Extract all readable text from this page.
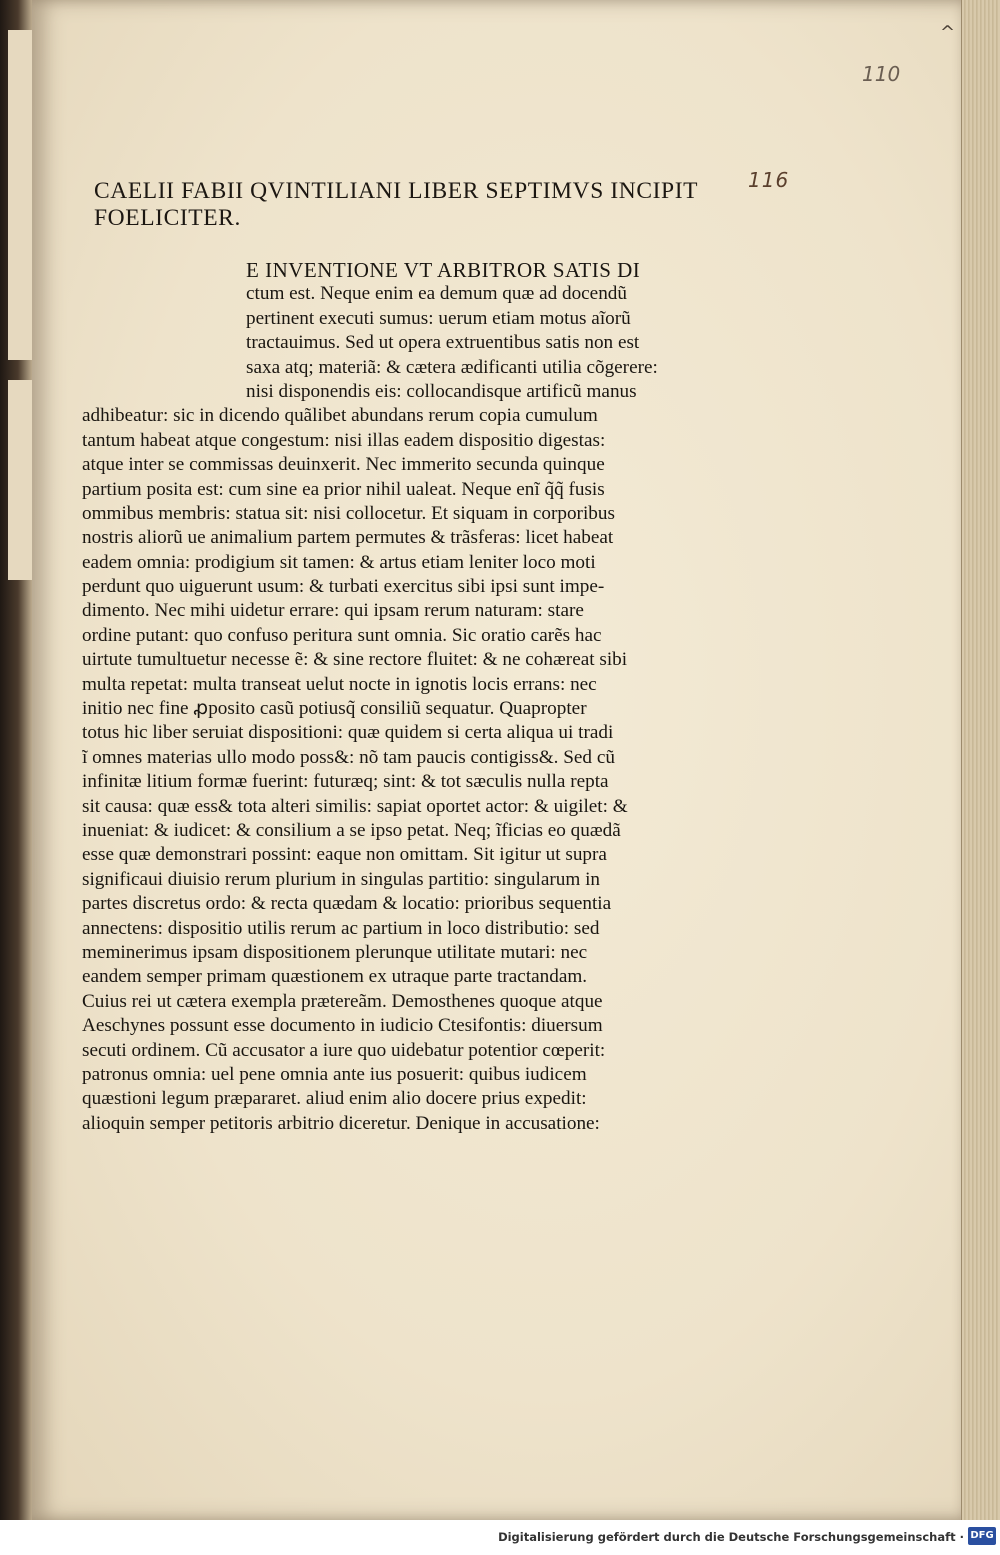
^
110
116
CAELII FABII QVINTILIANI LIBER SEPTIMVS INCIPIT
FOELICITER.
E INVENTIONE VT ARBITROR SATIS DI
ctum est. Neque enim ea demum quæ ad docendũ
pertinent executi sumus: uerum etiam motus aĩorũ
tractauimus. Sed ut opera extruentibus satis non est
saxa atq; materiã: & cætera ædificanti utilia cõgerere:
nisi disponendis eis: collocandisque artificũ manus
adhibeatur: sic in dicendo quãlibet abundans rerum copia cumulum
tantum habeat atque congestum: nisi illas eadem dispositio digestas:
atque inter se commissas deuinxerit. Nec immerito secunda quinque
partium posita est: cum sine ea prior nihil ualeat. Neque enĩ q̃q̃ fusis
ommibus membris: statua sit: nisi collocetur. Et siquam in corporibus
nostris aliorũ ue animalium partem permutes & trãsferas: licet habeat
eadem omnia: prodigium sit tamen: & artus etiam leniter loco moti
perdunt quo uiguerunt usum: & turbati exercitus sibi ipsi sunt impe-
dimento. Nec mihi uidetur errare: qui ipsam rerum naturam: stare
ordine putant: quo confuso peritura sunt omnia. Sic oratio carẽs hac
uirtute tumultuetur necesse ẽ: & sine rectore fluitet: & ne cohæreat sibi
multa repetat: multa transeat uelut nocte in ignotis locis errans: nec
initio nec fine ꝓposito casũ potiusq̃ consiliũ sequatur. Quapropter
totus hic liber seruiat dispositioni: quæ quidem si certa aliqua ui tradi
ĩ omnes materias ullo modo poss&: nõ tam paucis contigiss&. Sed cũ
infinitæ litium formæ fuerint: futuræq; sint: & tot sæculis nulla repta
sit causa: quæ ess& tota alteri similis: sapiat oportet actor: & uigilet: &
inueniat: & iudicet: & consilium a se ipso petat. Neq; ĩficias eo quædã
esse quæ demonstrari possint: eaque non omittam. Sit igitur ut supra
significaui diuisio rerum plurium in singulas partitio: singularum in
partes discretus ordo: & recta quædam & locatio: prioribus sequentia
annectens: dispositio utilis rerum ac partium in loco distributio: sed
meminerimus ipsam dispositionem plerunque utilitate mutari: nec
eandem semper primam quæstionem ex utraque parte tractandam.
Cuius rei ut cætera exempla prætereãm. Demosthenes quoque atque
Aeschynes possunt esse documento in iudicio Ctesifontis: diuersum
secuti ordinem. Cũ accusator a iure quo uidebatur potentior cœperit:
patronus omnia: uel pene omnia ante ius posuerit: quibus iudicem
quæstioni legum præpararet. aliud enim alio docere prius expedit:
alioquin semper petitoris arbitrio diceretur. Denique in accusatione:
Digitalisierung gefördert durch die Deutsche Forschungsgemeinschaft · DFG
